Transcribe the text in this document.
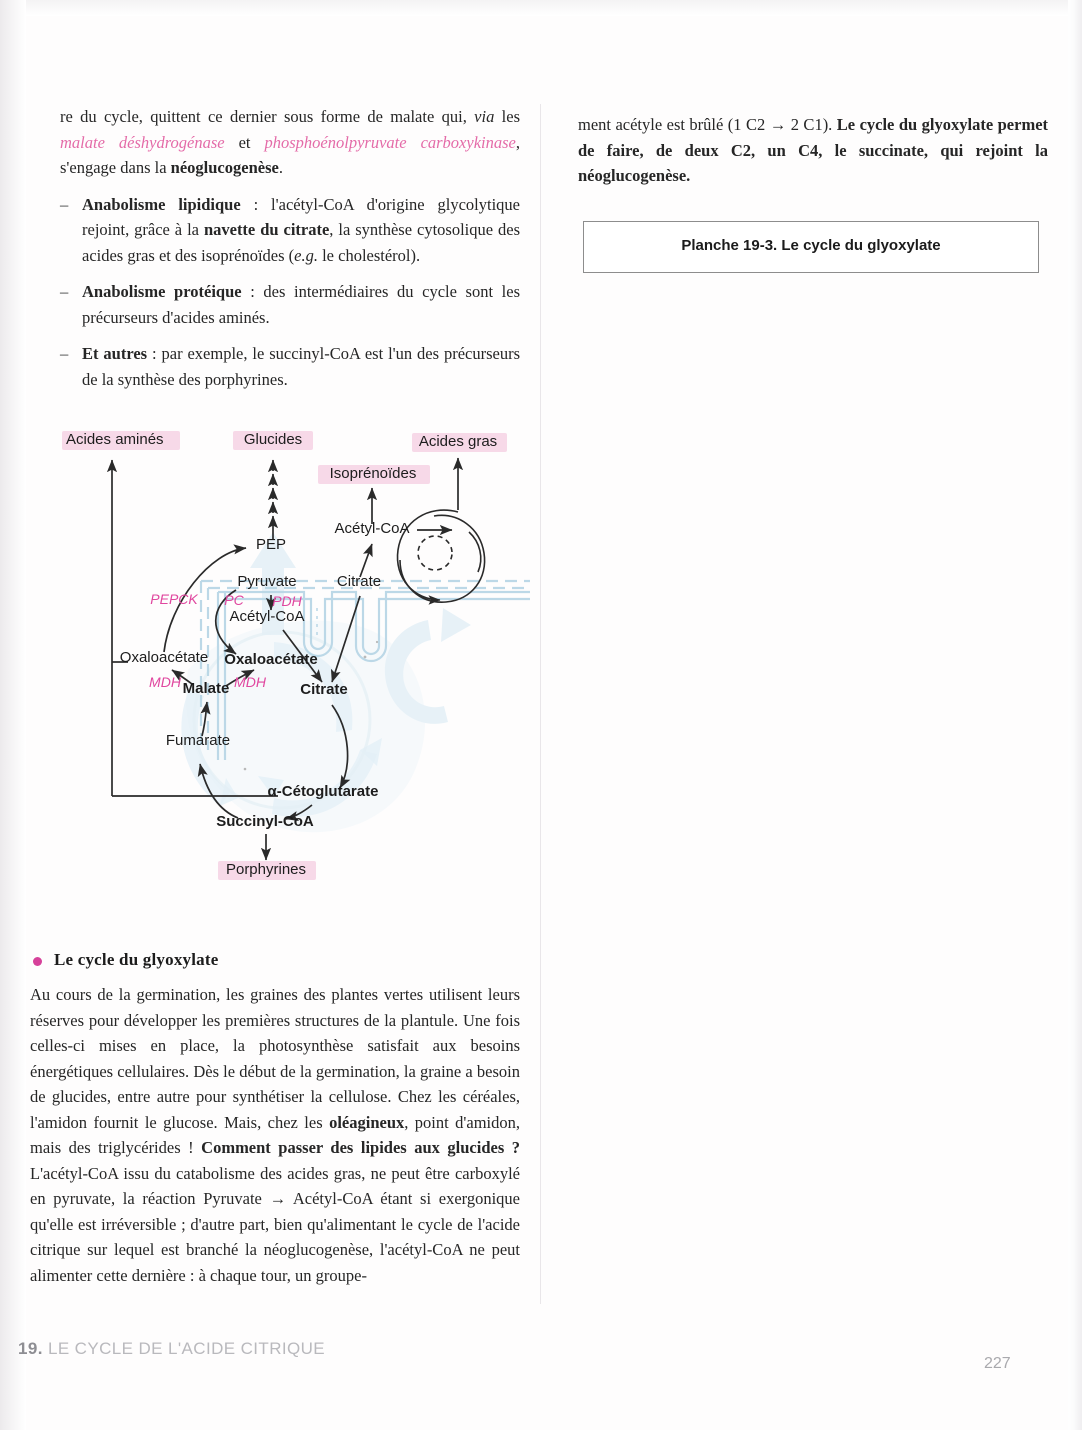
re du cycle, quittent ce dernier sous forme de malate qui, via les malate déshydrogénase et phosphoénolpyruvate carboxykinase, s'engage dans la néoglucogenèse.

– Anabolisme lipidique : l'acétyl-CoA d'origine glycolytique rejoint, grâce à la navette du citrate, la synthèse cytosolique des acides gras et des isoprénoïdes (e.g. le cholestérol).
– Anabolisme protéique : des intermédiaires du cycle sont les précurseurs d'acides aminés.
– Et autres : par exemple, le succinyl-CoA est l'un des précurseurs de la synthèse des porphyrines.

ment acétyle est brûlé (1 C2 → 2 C1). Le cycle du glyoxylate permet de faire, de deux C2, un C4, le succinate, qui rejoint la néoglucogenèse.

Planche 19-3. Le cycle du glyoxylate
Acides aminés	Glucides	Acides gras
Isoprénoïdes
Acétyl-CoA
PEP
Pyruvate	Citrate
Acétyl-CoA
Oxaloacétate Oxaloacétate
Malate	Citrate
Fumarate
α-Cétoglutarate
Succinyl-CoA
Porphyrines
PEPCK PC PDH
MDH	MDH
Le cycle du glyoxylate

Au cours de la germination, les graines des plantes vertes utilisent leurs réserves pour développer les premières structures de la plantule. Une fois celles-ci mises en place, la photosynthèse satisfait aux besoins énergétiques cellulaires. Dès le début de la germination, la graine a besoin de glucides, entre autre pour synthétiser la cellulose. Chez les céréales, l'amidon fournit le glucose. Mais, chez les oléagineux, point d'amidon, mais des triglycérides ! Comment passer des lipides aux glucides ? L'acétyl-CoA issu du catabolisme des acides gras, ne peut être carboxylé en pyruvate, la réaction Pyruvate → Acétyl-CoA étant si exergonique qu'elle est irréversible ; d'autre part, bien qu'alimentant le cycle de l'acide citrique sur lequel est branché la néoglucogenèse, l'acétyl-CoA ne peut alimenter cette dernière : à chaque tour, un groupe-

19. LE CYCLE DE L'ACIDE CITRIQUE
227
